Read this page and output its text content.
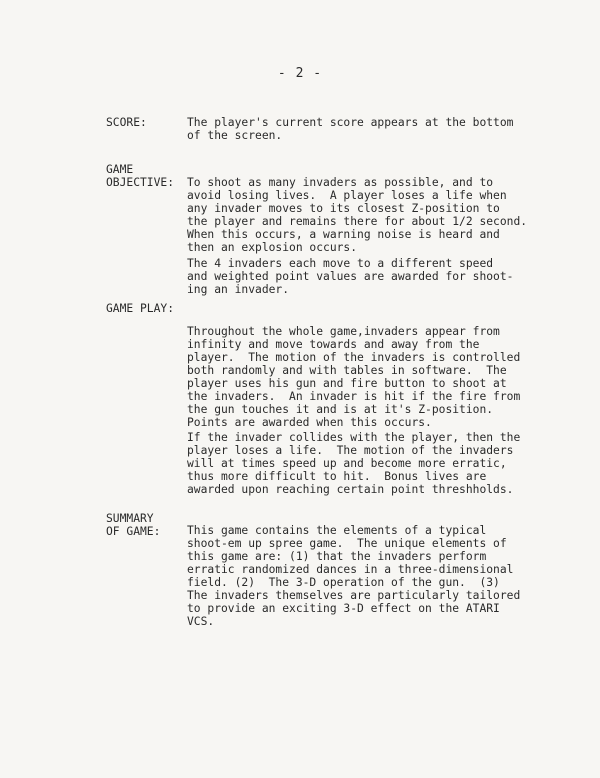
- 2 -
SCORE:	The player's current score appears at the bottom
of the screen.
GAME
OBJECTIVE: To shoot as many invaders as possible, and to
avoid losing lives.  A player loses a life when
any invader moves to its closest Z-position to
the player and remains there for about 1/2 second.
When this occurs, a warning noise is heard and
then an explosion occurs.
The 4 invaders each move to a different speed
and weighted point values are awarded for shoot-
ing an invader.
GAME PLAY:
Throughout the whole game,invaders appear from
infinity and move towards and away from the
player.  The motion of the invaders is controlled
both randomly and with tables in software.  The
player uses his gun and fire button to shoot at
the invaders.  An invader is hit if the fire from
the gun touches it and is at it's Z-position.
Points are awarded when this occurs.
If the invader collides with the player, then the
player loses a life.  The motion of the invaders
will at times speed up and become more erratic,
thus more difficult to hit.  Bonus lives are
awarded upon reaching certain point threshholds.
SUMMARY
OF GAME: This game contains the elements of a typical
shoot-em up spree game.  The unique elements of
this game are: (1) that the invaders perform
erratic randomized dances in a three-dimensional
field. (2)  The 3-D operation of the gun.  (3)
The invaders themselves are particularly tailored
to provide an exciting 3-D effect on the ATARI
VCS.
